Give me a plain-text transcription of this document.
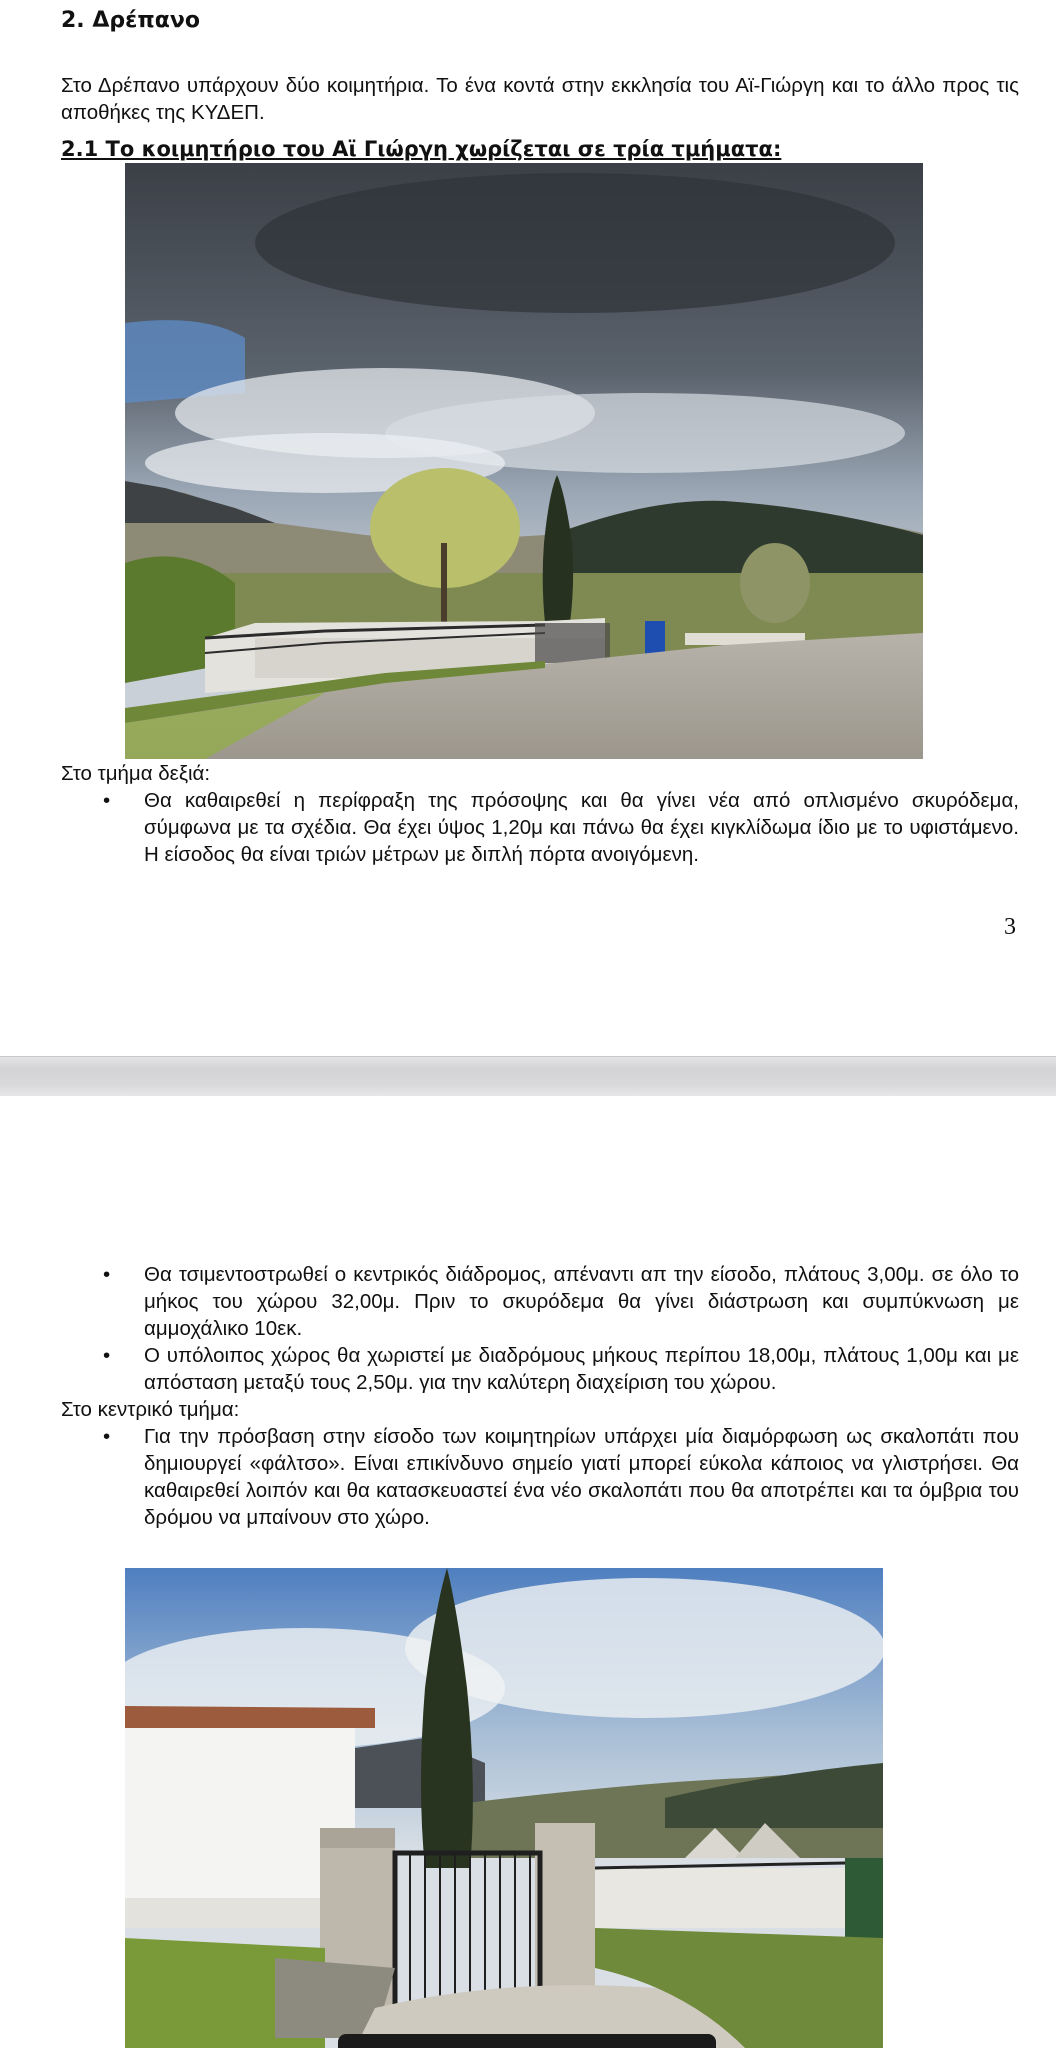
2. Δρέπανο
Στο Δρέπανο υπάρχουν δύο κοιμητήρια. Το ένα κοντά στην εκκλησία του Αϊ-Γιώργη και το άλλο προς τις αποθήκες της ΚΥΔΕΠ.
2.1 Το κοιμητήριο του Αϊ Γιώργη χωρίζεται σε τρία τμήματα:
Στο τμήμα δεξιά:
• Θα καθαιρεθεί η περίφραξη της πρόσοψης και θα γίνει νέα από οπλισμένο σκυρόδεμα, σύμφωνα με τα σχέδια. Θα έχει ύψος 1,20μ και πάνω θα έχει κιγκλίδωμα ίδιο με το υφιστάμενο. Η είσοδος θα είναι τριών μέτρων με διπλή πόρτα ανοιγόμενη.
3
• Θα τσιμεντοστρωθεί ο κεντρικός διάδρομος, απέναντι απ την είσοδο, πλάτους 3,00μ. σε όλο το μήκος του χώρου 32,00μ. Πριν το σκυρόδεμα θα γίνει διάστρωση και συμπύκνωση με αμμοχάλικο 10εκ.
• Ο υπόλοιπος χώρος θα χωριστεί με διαδρόμους μήκους περίπου 18,00μ, πλάτους 1,00μ και με απόσταση μεταξύ τους 2,50μ. για την καλύτερη διαχείριση του χώρου.
Στο κεντρικό τμήμα:
• Για την πρόσβαση στην είσοδο των κοιμητηρίων υπάρχει μία διαμόρφωση ως σκαλοπάτι που δημιουργεί «φάλτσο». Είναι επικίνδυνο σημείο γιατί μπορεί εύκολα κάποιος να γλιστρήσει. Θα καθαιρεθεί λοιπόν και θα κατασκευαστεί ένα νέο σκαλοπάτι που θα αποτρέπει και τα όμβρια του δρόμου να μπαίνουν στο χώρο.
